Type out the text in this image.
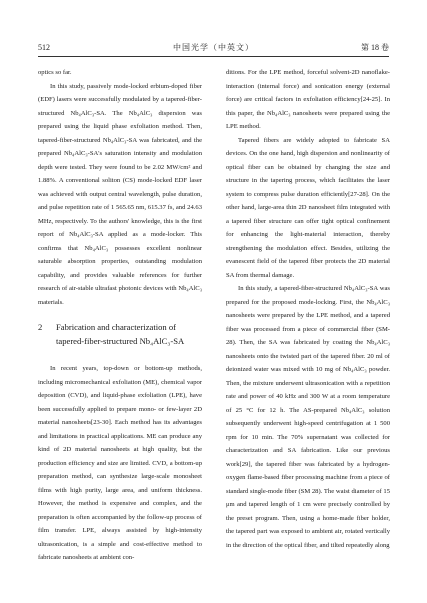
512	中国光学（中英文）	第 18 卷

optics so far.

In this study, passively mode-locked erbium-doped fiber (EDF) lasers were successfully modulated by a tapered-fiber-structured Nb₄AlC₃-SA. The Nb₄AlC₃ dispersion was prepared using the liquid phase exfoliation method. Then, tapered-fiber-structured Nb₄AlC₃-SA was fabricated, and the prepared Nb₄AlC₃-SA's saturation intensity and modulation depth were tested. They were found to be 2.02 MW/cm² and 1.88%. A conventional soliton (CS) mode-locked EDF laser was achieved with output central wavelength, pulse duration, and pulse repetition rate of 1 565.65 nm, 615.37 fs, and 24.63 MHz, respectively. To the authors' knowledge, this is the first report of Nb₄AlC₃-SA applied as a mode-locker. This confirms that Nb₄AlC₃ possesses excellent nonlinear saturable absorption properties, outstanding modulation capability, and provides valuable references for further research of air-stable ultrafast photonic devices with Nb₄AlC₃ materials.

2	Fabrication and characterization of tapered-fiber-structured Nb₄AlC₃-SA

In recent years, top-down or bottom-up methods, including micromechanical exfoliation (ME), chemical vapor deposition (CVD), and liquid-phase exfoliation (LPE), have been successfully applied to prepare mono- or few-layer 2D material nanosheets[23-30]. Each method has its advantages and limitations in practical applications. ME can produce any kind of 2D material nanosheets at high quality, but the production efficiency and size are limited. CVD, a bottom-up preparation method, can synthesize large-scale monosheet films with high purity, large area, and uniform thickness. However, the method is expensive and complex, and the preparation is often accompanied by the follow-up process of film transfer. LPE, always assisted by high-intensity ultrasonication, is a simple and cost-effective method to fabricate nanosheets at ambient con-

ditions. For the LPE method, forceful solvent-2D nanoflake-interaction (internal force) and sonication energy (external force) are critical factors in exfoliation efficiency[24-25]. In this paper, the Nb₄AlC₃ nanosheets were prepared using the LPE method.

Tapered fibers are widely adopted to fabricate SA devices. On the one hand, high dispersion and nonlinearity of optical fiber can be obtained by changing the size and structure in the tapering process, which facilitates the laser system to compress pulse duration efficiently[27-28]. On the other hand, large-area thin 2D nanosheet film integrated with a tapered fiber structure can offer tight optical confinement for enhancing the light-material interaction, thereby strengthening the modulation effect. Besides, utilizing the evanescent field of the tapered fiber protects the 2D material SA from thermal damage.

In this study, a tapered-fiber-structured Nb₄AlC₃-SA was prepared for the proposed mode-locking. First, the Nb₄AlC₃ nanosheets were prepared by the LPE method, and a tapered fiber was processed from a piece of commercial fiber (SM-28). Then, the SA was fabricated by coating the Nb₄AlC₃ nanosheets onto the twisted part of the tapered fiber. 20 ml of deionized water was mixed with 10 mg of Nb₄AlC₃ powder. Then, the mixture underwent ultrasonication with a repetition rate and power of 40 kHz and 300 W at a room temperature of 25 °C for 12 h. The AS-prepared Nb₄AlC₃ solution subsequently underwent high-speed centrifugation at 1 500 rpm for 10 min. The 70% supernatant was collected for characterization and SA fabrication. Like our previous work[29], the tapered fiber was fabricated by a hydrogen-oxygen flame-based fiber processing machine from a piece of standard single-mode fiber (SM 28). The waist diameter of 15 μm and tapered length of 1 cm were precisely controlled by the preset program. Then, using a home-made fiber holder, the tapered part was exposed to ambient air, rotated vertically in the direction of the optical fiber, and tilted repeatedly along
